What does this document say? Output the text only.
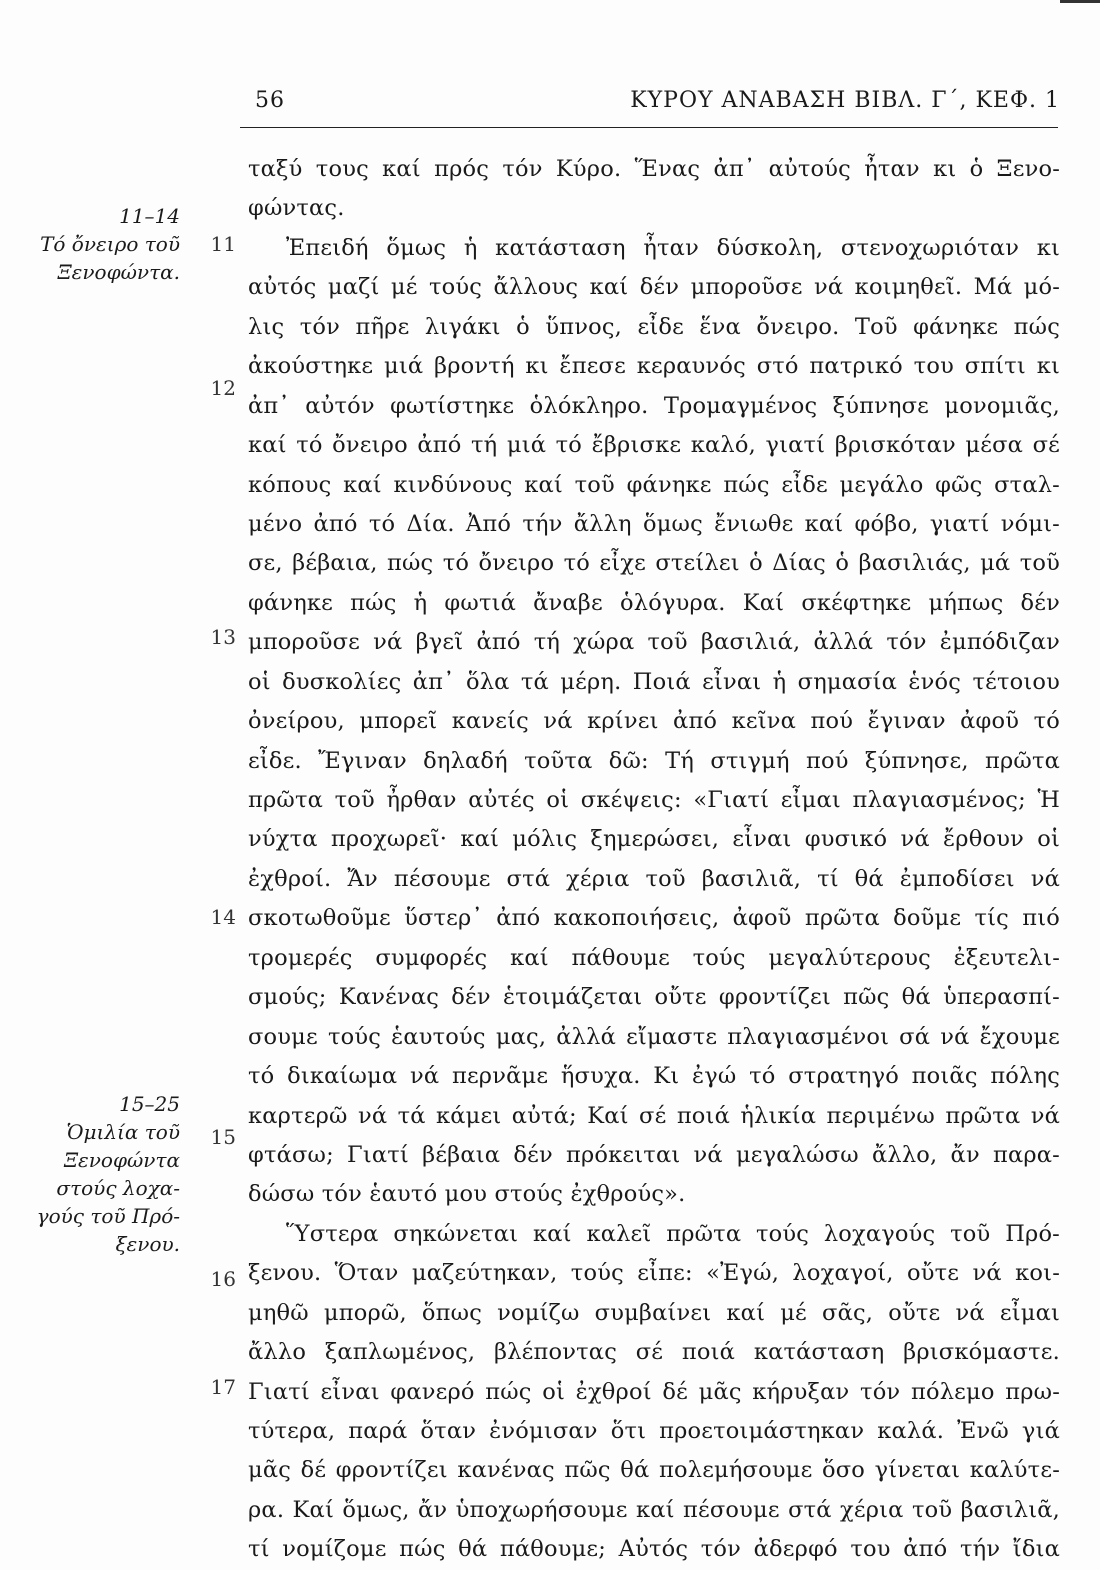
56	ΚΥΡΟΥ ΑΝΑΒΑΣΗ ΒΙΒΛ. Γ΄, ΚΕΦ. 1
11–14
Τό ὄνειρο τοῦ
Ξενοφώντα.
15–25
Ὁμιλία τοῦ
Ξενοφώντα
στούς λοχα-
γούς τοῦ Πρό-
ξενου.
11
12
13
14
15
16
17
ταξύ τους καί πρός τόν Κύρο. Ἕνας ἀπ᾽ αὐτούς ἦταν κι ὁ Ξενο-
φώντας.
Ἐπειδή ὅμως ἡ κατάσταση ἦταν δύσκολη, στενοχωριόταν κι
αὐτός μαζί μέ τούς ἄλλους καί δέν μποροῦσε νά κοιμηθεῖ. Μά μό-
λις τόν πῆρε λιγάκι ὁ ὕπνος, εἶδε ἕνα ὄνειρο. Τοῦ φάνηκε πώς
ἀκούστηκε μιά βροντή κι ἔπεσε κεραυνός στό πατρικό του σπίτι κι
ἀπ᾽ αὐτόν φωτίστηκε ὁλόκληρο. Τρομαγμένος ξύπνησε μονομιᾶς,
καί τό ὄνειρο ἀπό τή μιά τό ἔβρισκε καλό, γιατί βρισκόταν μέσα σέ
κόπους καί κινδύνους καί τοῦ φάνηκε πώς εἶδε μεγάλο φῶς σταλ-
μένο ἀπό τό Δία. Ἀπό τήν ἄλλη ὅμως ἔνιωθε καί φόβο, γιατί νόμι-
σε, βέβαια, πώς τό ὄνειρο τό εἶχε στείλει ὁ Δίας ὁ βασιλιάς, μά τοῦ
φάνηκε πώς ἡ φωτιά ἄναβε ὁλόγυρα. Καί σκέφτηκε μήπως δέν
μποροῦσε νά βγεῖ ἀπό τή χώρα τοῦ βασιλιά, ἀλλά τόν ἐμπόδιζαν
οἱ δυσκολίες ἀπ᾽ ὅλα τά μέρη. Ποιά εἶναι ἡ σημασία ἑνός τέτοιου
ὀνείρου, μπορεῖ κανείς νά κρίνει ἀπό κεῖνα πού ἔγιναν ἀφοῦ τό
εἶδε. Ἔγιναν δηλαδή τοῦτα δῶ: Τή στιγμή πού ξύπνησε, πρῶτα
πρῶτα τοῦ ἦρθαν αὐτές οἱ σκέψεις: «Γιατί εἶμαι πλαγιασμένος; Ἡ
νύχτα προχωρεῖ· καί μόλις ξημερώσει, εἶναι φυσικό νά ἔρθουν οἱ
ἐχθροί. Ἄν πέσουμε στά χέρια τοῦ βασιλιᾶ, τί θά ἐμποδίσει νά
σκοτωθοῦμε ὕστερ᾽ ἀπό κακοποιήσεις, ἀφοῦ πρῶτα δοῦμε τίς πιό
τρομερές συμφορές καί πάθουμε τούς μεγαλύτερους ἐξευτελι-
σμούς; Κανένας δέν ἑτοιμάζεται οὔτε φροντίζει πῶς θά ὑπερασπί-
σουμε τούς ἑαυτούς μας, ἀλλά εἴμαστε πλαγιασμένοι σά νά ἔχουμε
τό δικαίωμα νά περνᾶμε ἥσυχα. Κι ἐγώ τό στρατηγό ποιᾶς πόλης
καρτερῶ νά τά κάμει αὐτά; Καί σέ ποιά ἡλικία περιμένω πρῶτα νά
φτάσω; Γιατί βέβαια δέν πρόκειται νά μεγαλώσω ἄλλο, ἄν παρα-
δώσω τόν ἑαυτό μου στούς ἐχθρούς».
Ὕστερα σηκώνεται καί καλεῖ πρῶτα τούς λοχαγούς τοῦ Πρό-
ξενου. Ὅταν μαζεύτηκαν, τούς εἶπε: «Ἐγώ, λοχαγοί, οὔτε νά κοι-
μηθῶ μπορῶ, ὅπως νομίζω συμβαίνει καί μέ σᾶς, οὔτε νά εἶμαι
ἄλλο ξαπλωμένος, βλέποντας σέ ποιά κατάσταση βρισκόμαστε.
Γιατί εἶναι φανερό πώς οἱ ἐχθροί δέ μᾶς κήρυξαν τόν πόλεμο πρω-
τύτερα, παρά ὅταν ἐνόμισαν ὅτι προετοιμάστηκαν καλά. Ἐνῶ γιά
μᾶς δέ φροντίζει κανένας πῶς θά πολεμήσουμε ὅσο γίνεται καλύτε-
ρα. Καί ὅμως, ἄν ὑποχωρήσουμε καί πέσουμε στά χέρια τοῦ βασιλιᾶ,
τί νομίζομε πώς θά πάθουμε; Αὐτός τόν ἀδερφό του ἀπό τήν ἴδια
